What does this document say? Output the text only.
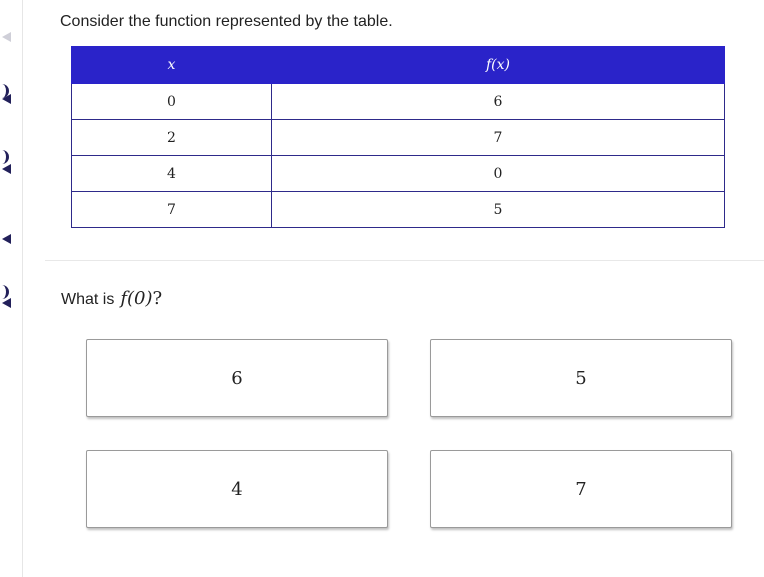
Consider the function represented by the table.
x	f(x)
0	6
2	7
4	0
7	5
What is f(0)?
6	5
4	7
